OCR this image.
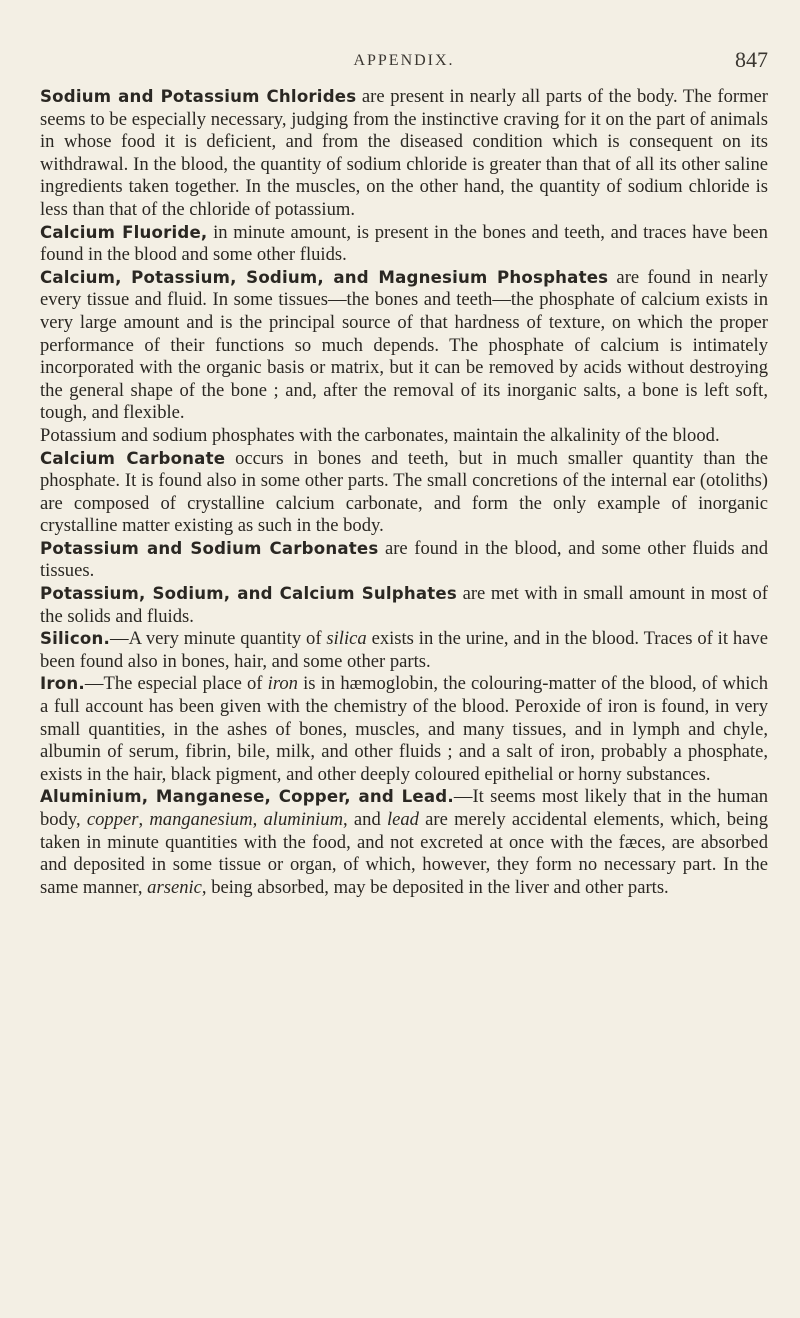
APPENDIX.	847

Sodium and Potassium Chlorides are present in nearly all parts of the body. The former seems to be especially necessary, judging from the instinctive craving for it on the part of animals in whose food it is deficient, and from the diseased condition which is consequent on its withdrawal. In the blood, the quantity of sodium chloride is greater than that of all its other saline ingredients taken together. In the muscles, on the other hand, the quantity of sodium chloride is less than that of the chloride of potassium.

Calcium Fluoride, in minute amount, is present in the bones and teeth, and traces have been found in the blood and some other fluids.

Calcium, Potassium, Sodium, and Magnesium Phosphates are found in nearly every tissue and fluid. In some tissues—the bones and teeth—the phosphate of calcium exists in very large amount and is the principal source of that hardness of texture, on which the proper performance of their functions so much depends. The phosphate of calcium is intimately incorporated with the organic basis or matrix, but it can be removed by acids without destroying the general shape of the bone ; and, after the removal of its inorganic salts, a bone is left soft, tough, and flexible.

Potassium and sodium phosphates with the carbonates, maintain the alkalinity of the blood.

Calcium Carbonate occurs in bones and teeth, but in much smaller quantity than the phosphate. It is found also in some other parts. The small concretions of the internal ear (otoliths) are composed of crystalline calcium carbonate, and form the only example of inorganic crystalline matter existing as such in the body.

Potassium and Sodium Carbonates are found in the blood, and some other fluids and tissues.

Potassium, Sodium, and Calcium Sulphates are met with in small amount in most of the solids and fluids.

Silicon.—A very minute quantity of silica exists in the urine, and in the blood. Traces of it have been found also in bones, hair, and some other parts.

Iron.—The especial place of iron is in hæmoglobin, the colouring-matter of the blood, of which a full account has been given with the chemistry of the blood. Peroxide of iron is found, in very small quantities, in the ashes of bones, muscles, and many tissues, and in lymph and chyle, albumin of serum, fibrin, bile, milk, and other fluids ; and a salt of iron, probably a phosphate, exists in the hair, black pigment, and other deeply coloured epithelial or horny substances.

Aluminium, Manganese, Copper, and Lead.—It seems most likely that in the human body, copper, manganesium, aluminium, and lead are merely accidental elements, which, being taken in minute quantities with the food, and not excreted at once with the fæces, are absorbed and deposited in some tissue or organ, of which, however, they form no necessary part. In the same manner, arsenic, being absorbed, may be deposited in the liver and other parts.
